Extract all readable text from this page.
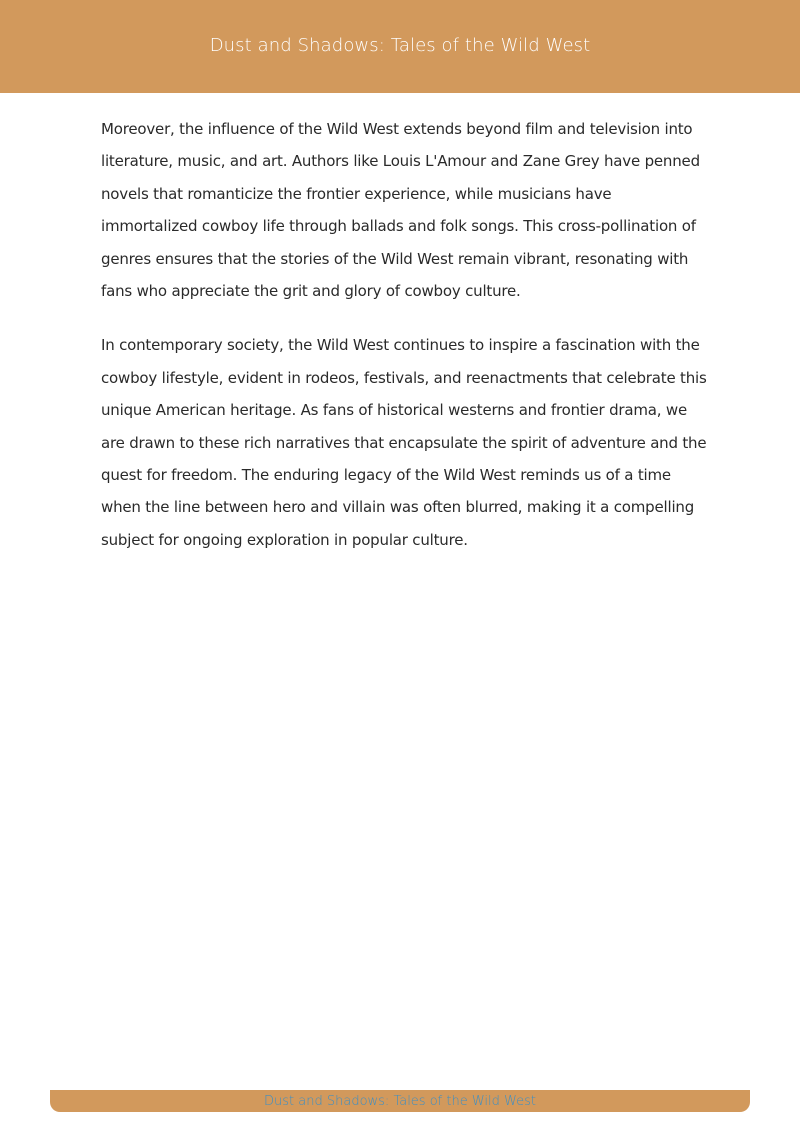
Dust and Shadows: Tales of the Wild West

Moreover, the influence of the Wild West extends beyond film and television into literature, music, and art. Authors like Louis L'Amour and Zane Grey have penned novels that romanticize the frontier experience, while musicians have immortalized cowboy life through ballads and folk songs. This cross-pollination of genres ensures that the stories of the Wild West remain vibrant, resonating with fans who appreciate the grit and glory of cowboy culture.

In contemporary society, the Wild West continues to inspire a fascination with the cowboy lifestyle, evident in rodeos, festivals, and reenactments that celebrate this unique American heritage. As fans of historical westerns and frontier drama, we are drawn to these rich narratives that encapsulate the spirit of adventure and the quest for freedom. The enduring legacy of the Wild West reminds us of a time when the line between hero and villain was often blurred, making it a compelling subject for ongoing exploration in popular culture.

Dust and Shadows: Tales of the Wild West
